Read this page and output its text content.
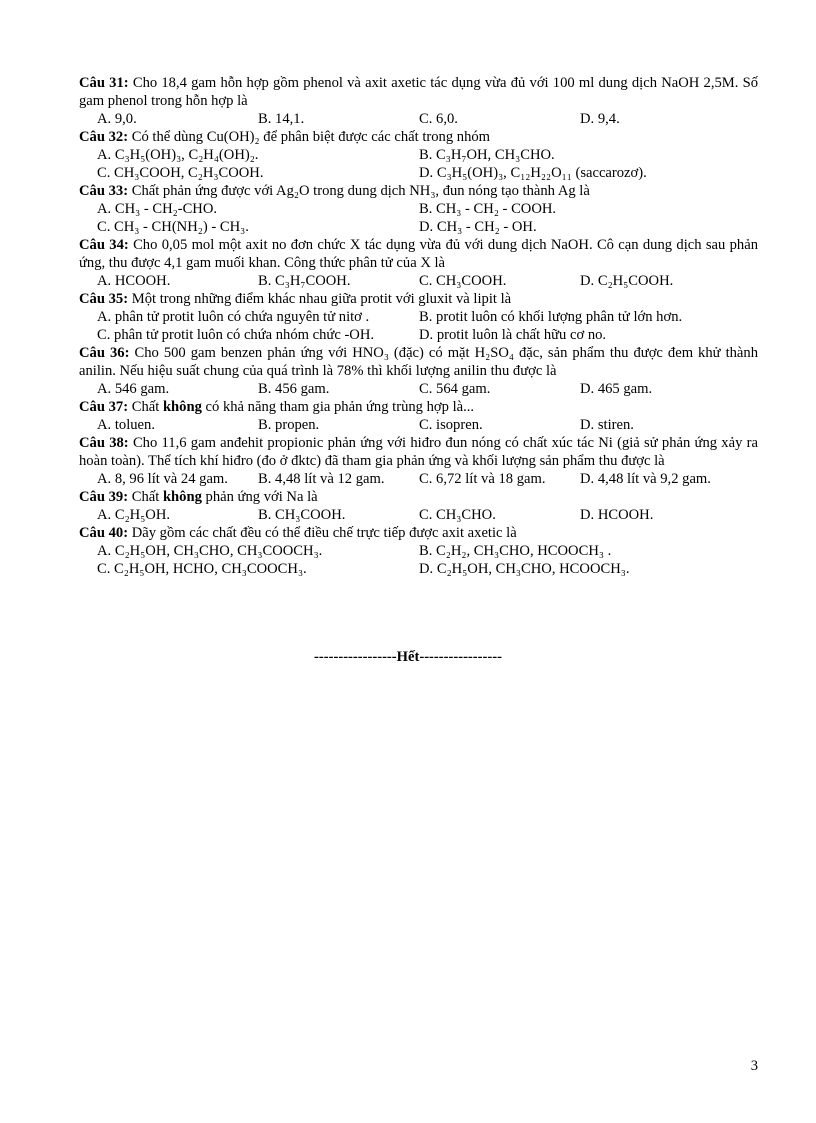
Câu 31: Cho 18,4 gam hỗn hợp gồm phenol và axit axetic tác dụng vừa đủ với 100 ml dung dịch NaOH 2,5M. Số gam phenol trong hỗn hợp là
A. 9,0.	B. 14,1.	C. 6,0.	D. 9,4.
Câu 32: Có thể dùng Cu(OH)₂ để phân biệt được các chất trong nhóm
A. C₃H₅(OH)₃, C₂H₄(OH)₂.	B. C₃H₇OH, CH₃CHO.
C. CH₃COOH, C₂H₃COOH.	D. C₃H₅(OH)₃, C₁₂H₂₂O₁₁ (saccarozơ).
Câu 33: Chất phản ứng được với Ag₂O trong dung dịch NH₃, đun nóng tạo thành Ag là
A. CH₃ - CH₂-CHO.	B. CH₃ - CH₂ - COOH.
C. CH₃ - CH(NH₂) - CH₃.	D. CH₃ - CH₂ - OH.
Câu 34: Cho 0,05 mol một axit no đơn chức X tác dụng vừa đủ với dung dịch NaOH. Cô cạn dung dịch sau phản ứng, thu được 4,1 gam muối khan. Công thức phân tử của X là
A. HCOOH.	B. C₃H₇COOH.	C. CH₃COOH.	D. C₂H₅COOH.
Câu 35: Một trong những điểm khác nhau giữa protit với gluxit và lipit là
A. phân tử protit luôn có chứa nguyên tử nitơ .	B. protit luôn có khối lượng phân tử lớn hơn.
C. phân tử protit luôn có chứa nhóm chức -OH.	D. protit luôn là chất hữu cơ no.
Câu 36: Cho 500 gam benzen phản ứng với HNO₃ (đặc) có mặt H₂SO₄ đặc, sản phẩm thu được đem khử thành anilin. Nếu hiệu suất chung của quá trình là 78% thì khối lượng anilin thu được là
A. 546 gam.	B. 456 gam.	C. 564 gam.	D. 465 gam.
Câu 37: Chất không có khả năng tham gia phản ứng trùng hợp là...
A. toluen.	B. propen.	C. isopren.	D. stiren.
Câu 38: Cho 11,6 gam anđehit propionic phản ứng với hiđro đun nóng có chất xúc tác Ni (giả sử phản ứng xảy ra hoàn toàn). Thể tích khí hiđro (đo ở đktc) đã tham gia phản ứng và khối lượng sản phẩm thu được là
A. 8, 96 lít và 24 gam.	B. 4,48 lít và 12 gam.	C. 6,72 lít và 18 gam.	D. 4,48 lít và 9,2 gam.
Câu 39: Chất không phản ứng với Na là
A. C₂H₅OH.	B. CH₃COOH.	C. CH₃CHO.	D. HCOOH.
Câu 40: Dãy gồm các chất đều có thể điều chế trực tiếp được axit axetic là
A. C₂H₅OH, CH₃CHO, CH₃COOCH₃.	B. C₂H₂, CH₃CHO, HCOOCH₃ .
C. C₂H₅OH, HCHO, CH₃COOCH₃.	D. C₂H₅OH, CH₃CHO, HCOOCH₃.
-----------------Hết-----------------
3
